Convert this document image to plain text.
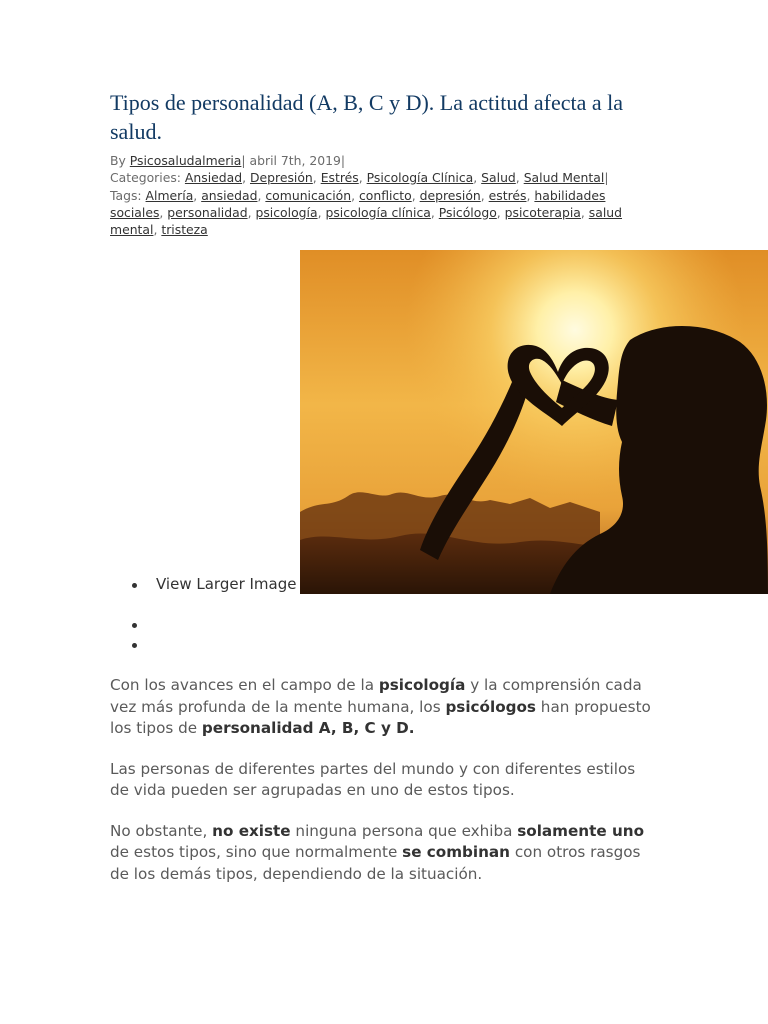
Tipos de personalidad (A, B, C y D). La actitud afecta a la salud.
By Psicosaludalmeria| abril 7th, 2019|
Categories: Ansiedad, Depresión, Estrés, Psicología Clínica, Salud, Salud Mental|
Tags: Almería, ansiedad, comunicación, conflicto, depresión, estrés, habilidades sociales, personalidad, psicología, psicología clínica, Psicólogo, psicoterapia, salud mental, tristeza
View Larger Image

Con los avances en el campo de la psicología y la comprensión cada vez más profunda de la mente humana, los psicólogos han propuesto los tipos de personalidad A, B, C y D.

Las personas de diferentes partes del mundo y con diferentes estilos de vida pueden ser agrupadas en uno de estos tipos.

No obstante, no existe ninguna persona que exhiba solamente uno de estos tipos, sino que normalmente se combinan con otros rasgos de los demás tipos, dependiendo de la situación.
